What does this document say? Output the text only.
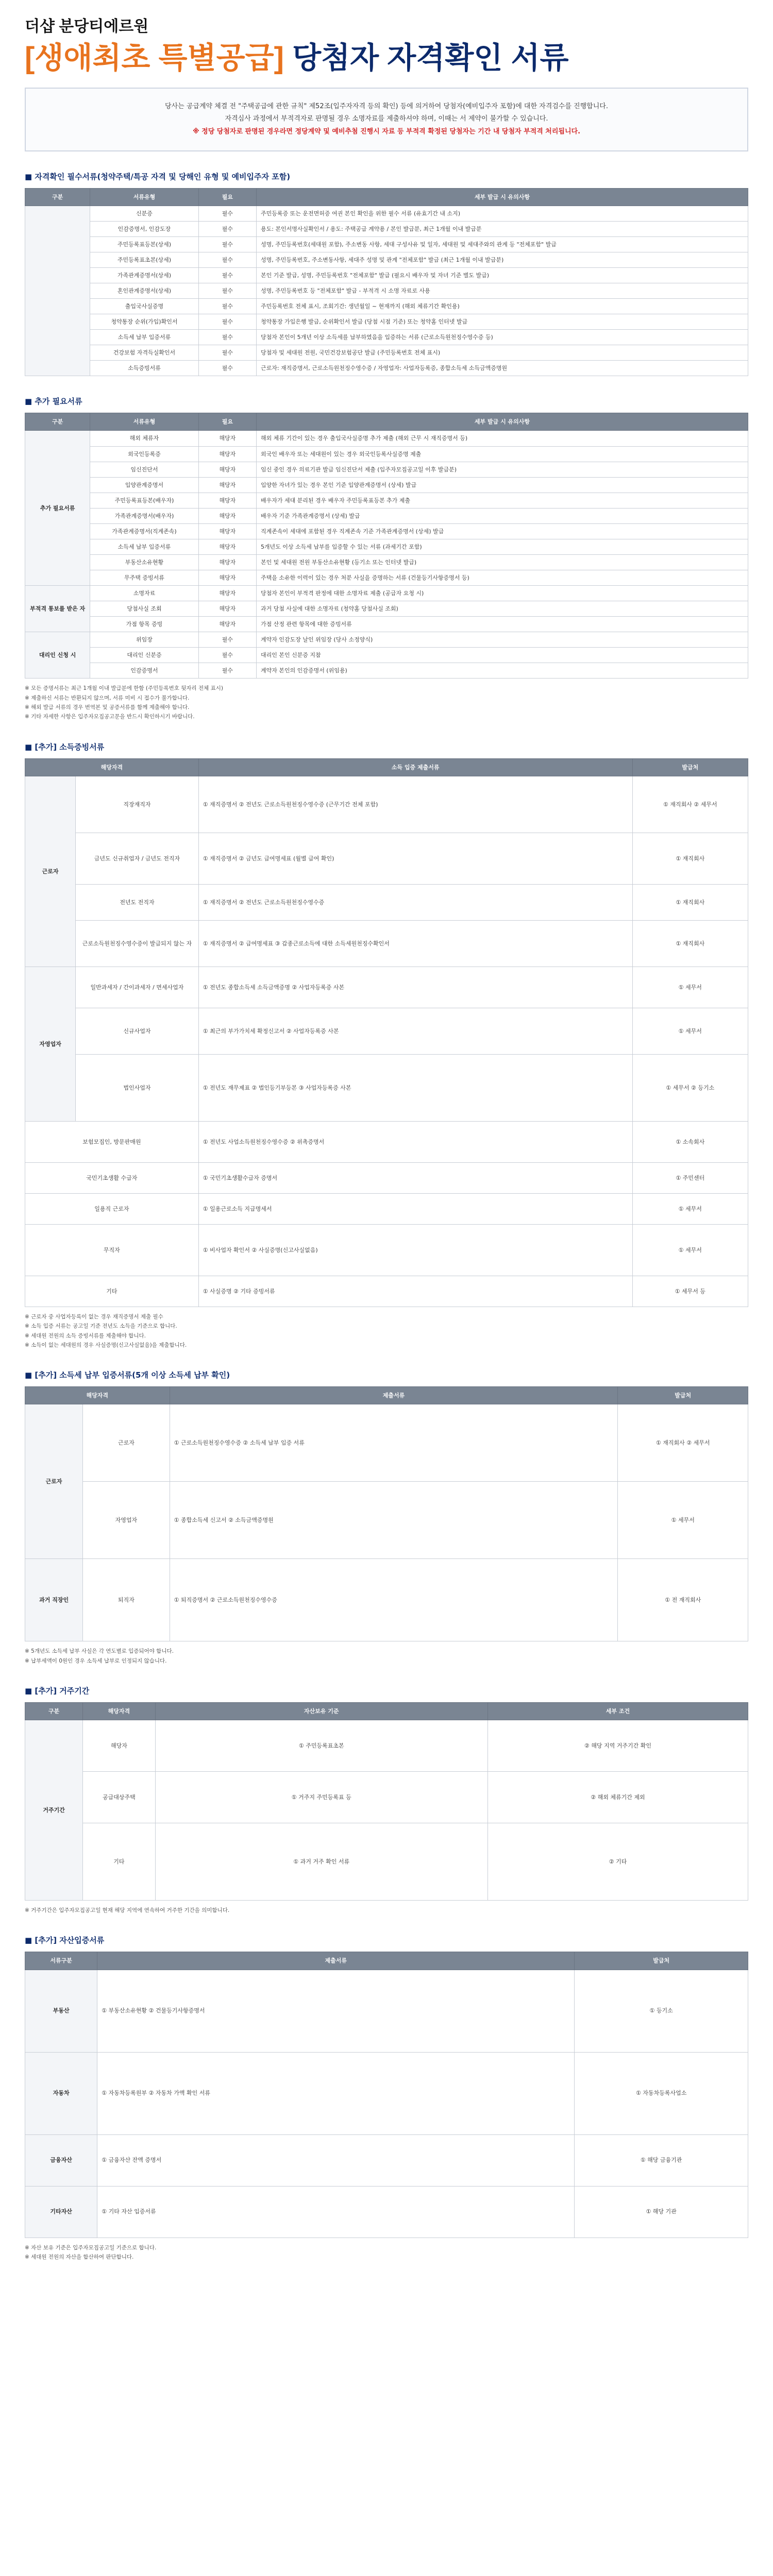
더샵 분당티에르원
[생애최초 특별공급] 당첨자 자격확인 서류

당사는 공급계약 체결 전 "주택공급에 관한 규칙" 제52조(입주자자격 등의 확인) 등에 의거하여 당첨자(예비입주자 포함)에 대한 자격검수를 진행합니다.

자격심사 과정에서 부적격자로 판명될 경우 소명자료를 제출하셔야 하며, 이때는 서 제약이 불가할 수 있습니다.

※ 정당 당첨자로 판명된 경우라면 정당계약 및 예비추첨 진행시 자료 등 부적격 확정된 당첨자는 기간 내 당첨자 부적격 처리됩니다.

■ 자격확인 필수서류(청약주택/특공 자격 및 당해인 유형 및 예비입주자 포함)
구분	서류유형	필요	세부 발급 시 유의사항
	신분증	필수	주민등록증 또는 운전면허증 여권 본인 확인을 위한 필수 서류 (유효기간 내 소지)
	인감증명서, 인감도장	필수	용도: 본인서명사실확인서 / 용도: 주택공급 계약용 / 본인 발급분, 최근 1개월 이내 발급분
	주민등록표등본(상세)	필수	성명, 주민등록번호(세대원 포함), 주소변동 사항, 세대 구성사유 및 일자, 세대원 및 세대주와의 관계 등 "전체포함" 발급
	주민등록표초본(상세)	필수	성명, 주민등록번호, 주소변동사항, 세대주 성명 및 관계 "전체포함" 발급 (최근 1개월 이내 발급분)
	가족관계증명서(상세)	필수	본인 기준 발급, 성명, 주민등록번호 "전체포함" 발급 (필요시 배우자 및 자녀 기준 별도 발급)
	혼인관계증명서(상세)	필수	성명, 주민등록번호 등 "전체포함" 발급 - 부적격 시 소명 자료로 사용
	출입국사실증명	필수	주민등록번호 전체 표시, 조회기간: 생년월일 ~ 현재까지 (해외 체류기간 확인용)
	청약통장 순위(가입)확인서	필수	청약통장 가입은행 발급, 순위확인서 발급 (당첨 시점 기준) 또는 청약홈 인터넷 발급
	소득세 납부 입증서류	필수	당첨자 본인이 5개년 이상 소득세를 납부하였음을 입증하는 서류 (근로소득원천징수영수증 등)
	건강보험 자격득실확인서	필수	당첨자 및 세대원 전원, 국민건강보험공단 발급 (주민등록번호 전체 표시)
	소득증빙서류	필수	근로자: 재직증명서, 근로소득원천징수영수증 / 자영업자: 사업자등록증, 종합소득세 소득금액증명원
■ 추가 필요서류
구분	서류유형	필요	세부 발급 시 유의사항
추가 필요서류	해외 체류자	해당자	해외 체류 기간이 있는 경우 출입국사실증명 추가 제출 (해외 근무 시 재직증명서 등)
	외국인등록증	해당자	외국인 배우자 또는 세대원이 있는 경우 외국인등록사실증명 제출
	임신진단서	해당자	임신 중인 경우 의료기관 발급 임신진단서 제출 (입주자모집공고일 이후 발급분)
	입양관계증명서	해당자	입양한 자녀가 있는 경우 본인 기준 입양관계증명서 (상세) 발급
	주민등록표등본(배우자)	해당자	배우자가 세대 분리된 경우 배우자 주민등록표등본 추가 제출
	가족관계증명서(배우자)	해당자	배우자 기준 가족관계증명서 (상세) 발급
	가족관계증명서(직계존속)	해당자	직계존속이 세대에 포함된 경우 직계존속 기준 가족관계증명서 (상세) 발급
	소득세 납부 입증서류	해당자	5개년도 이상 소득세 납부를 입증할 수 있는 서류 (과세기간 포함)
	부동산소유현황	해당자	본인 및 세대원 전원 부동산소유현황 (등기소 또는 인터넷 발급)
	무주택 증빙서류	해당자	주택을 소유한 이력이 있는 경우 처분 사실을 증명하는 서류 (건물등기사항증명서 등)
부적격 통보를 받은 자	소명자료	해당자	당첨자 본인이 부적격 판정에 대한 소명자료 제출 (공급자 요청 시)
	당첨사실 조회	해당자	과거 당첨 사실에 대한 소명자료 (청약홈 당첨사실 조회)
	가점 항목 증빙	해당자	가점 산정 관련 항목에 대한 증빙서류
대리인 신청 시	위임장	필수	계약자 인감도장 날인 위임장 (당사 소정양식)
	대리인 신분증	필수	대리인 본인 신분증 지참
	인감증명서	필수	계약자 본인의 인감증명서 (위임용)

※ 모든 증명서류는 최근 1개월 이내 발급분에 한함 (주민등록번호 뒷자리 전체 표시)

※ 제출하신 서류는 반환되지 않으며, 서류 미비 시 접수가 불가합니다.

※ 해외 발급 서류의 경우 번역본 및 공증서류를 함께 제출해야 합니다.

※ 기타 자세한 사항은 입주자모집공고문을 반드시 확인하시기 바랍니다.

■ [추가] 소득증빙서류
해당자격		소득 입증 제출서류	발급처
근로자	직장재직자	① 재직증명서 ② 전년도 근로소득원천징수영수증 (근무기간 전체 포함)	① 재직회사 ② 세무서
	금년도 신규취업자 / 금년도 전직자	① 재직증명서 ② 금년도 급여명세표 (월별 급여 확인)	① 재직회사
	전년도 전직자	① 재직증명서 ② 전년도 근로소득원천징수영수증	① 재직회사
	근로소득원천징수영수증이 발급되지 않는 자	① 재직증명서 ② 급여명세표 ③ 갑종근로소득에 대한 소득세원천징수확인서	① 재직회사
자영업자	일반과세자 / 간이과세자 / 면세사업자	① 전년도 종합소득세 소득금액증명 ② 사업자등록증 사본	① 세무서
	신규사업자	① 최근의 부가가치세 확정신고서 ② 사업자등록증 사본	① 세무서
	법인사업자	① 전년도 재무제표 ② 법인등기부등본 ③ 사업자등록증 사본	① 세무서 ② 등기소
보험모집인, 방문판매원		① 전년도 사업소득원천징수영수증 ② 위촉증명서	① 소속회사
국민기초생활 수급자		① 국민기초생활수급자 증명서	① 주민센터
일용직 근로자		① 일용근로소득 지급명세서	① 세무서
무직자		① 비사업자 확인서 ② 사실증명(신고사실없음)	① 세무서
기타		① 사실증명 ② 기타 증빙서류	① 세무서 등

※ 근로자 중 사업자등록이 없는 경우 재직증명서 제출 필수

※ 소득 입증 서류는 공고일 기준 전년도 소득을 기준으로 합니다.

※ 세대원 전원의 소득 증빙서류를 제출해야 합니다.

※ 소득이 없는 세대원의 경우 사실증명(신고사실없음)을 제출합니다.

■ [추가] 소득세 납부 입증서류(5개 이상 소득세 납부 확인)
해당자격		제출서류	발급처
근로자	근로자	① 근로소득원천징수영수증 ② 소득세 납부 입증 서류	① 재직회사 ② 세무서
	자영업자	① 종합소득세 신고서 ② 소득금액증명원	① 세무서
과거 직장인	퇴직자	① 퇴직증명서 ② 근로소득원천징수영수증	① 전 재직회사

※ 5개년도 소득세 납부 사실은 각 연도별로 입증되어야 합니다.

※ 납부세액이 0원인 경우 소득세 납부로 인정되지 않습니다.

■ [추가] 거주기간
구분	해당자격	자산보유 기준	세부 조건
거주기간	해당자	① 주민등록표초본	② 해당 지역 거주기간 확인
	공급대상주택	① 거주지 주민등록표 등	② 해외 체류기간 제외
	기타	① 과거 거주 확인 서류	② 기타

※ 거주기간은 입주자모집공고일 현재 해당 지역에 연속하여 거주한 기간을 의미합니다.

■ [추가] 자산입증서류
서류구분	제출서류	발급처
부동산	① 부동산소유현황 ② 건물등기사항증명서	① 등기소
자동차	① 자동차등록원부 ② 자동차 가액 확인 서류	① 자동차등록사업소
금융자산	① 금융자산 잔액 증명서	① 해당 금융기관
기타자산	① 기타 자산 입증서류	① 해당 기관

※ 자산 보유 기준은 입주자모집공고일 기준으로 합니다.

※ 세대원 전원의 자산을 합산하여 판단합니다.
